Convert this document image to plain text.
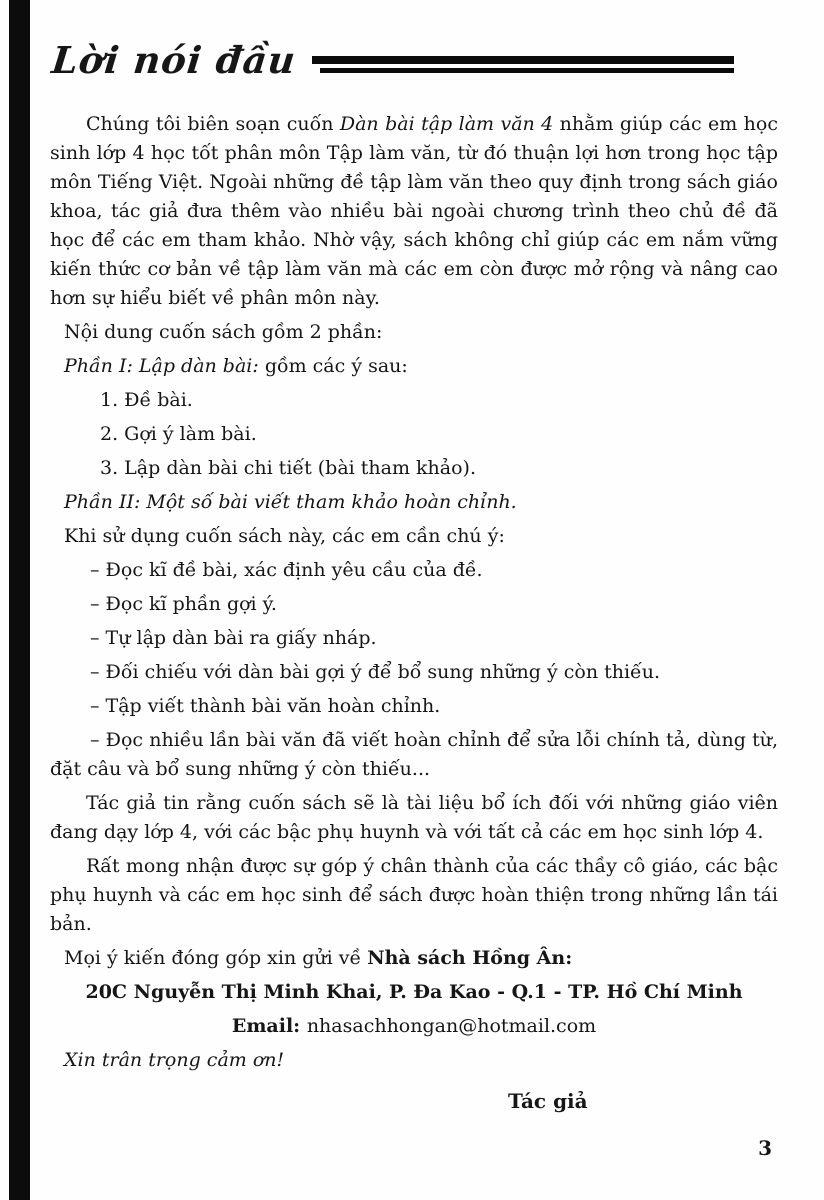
Lời nói đầu

Chúng tôi biên soạn cuốn Dàn bài tập làm văn 4 nhằm giúp các em học sinh lớp 4 học tốt phân môn Tập làm văn, từ đó thuận lợi hơn trong học tập môn Tiếng Việt. Ngoài những đề tập làm văn theo quy định trong sách giáo khoa, tác giả đưa thêm vào nhiều bài ngoài chương trình theo chủ đề đã học để các em tham khảo. Nhờ vậy, sách không chỉ giúp các em nắm vững kiến thức cơ bản về tập làm văn mà các em còn được mở rộng và nâng cao hơn sự hiểu biết về phân môn này.

Nội dung cuốn sách gồm 2 phần:

Phần I: Lập dàn bài: gồm các ý sau:

1. Đề bài.

2. Gợi ý làm bài.

3. Lập dàn bài chi tiết (bài tham khảo).

Phần II: Một số bài viết tham khảo hoàn chỉnh.

Khi sử dụng cuốn sách này, các em cần chú ý:

– Đọc kĩ đề bài, xác định yêu cầu của đề.

– Đọc kĩ phần gợi ý.

– Tự lập dàn bài ra giấy nháp.

– Đối chiếu với dàn bài gợi ý để bổ sung những ý còn thiếu.

– Tập viết thành bài văn hoàn chỉnh.

– Đọc nhiều lần bài văn đã viết hoàn chỉnh để sửa lỗi chính tả, dùng từ, đặt câu và bổ sung những ý còn thiếu...

Tác giả tin rằng cuốn sách sẽ là tài liệu bổ ích đối với những giáo viên đang dạy lớp 4, với các bậc phụ huynh và với tất cả các em học sinh lớp 4.

Rất mong nhận được sự góp ý chân thành của các thầy cô giáo, các bậc phụ huynh và các em học sinh để sách được hoàn thiện trong những lần tái bản.

Mọi ý kiến đóng góp xin gửi về Nhà sách Hồng Ân:

20C Nguyễn Thị Minh Khai, P. Đa Kao - Q.1 - TP. Hồ Chí Minh

Email: nhasachhongan@hotmail.com

Xin trân trọng cảm ơn!

Tác giả

3
